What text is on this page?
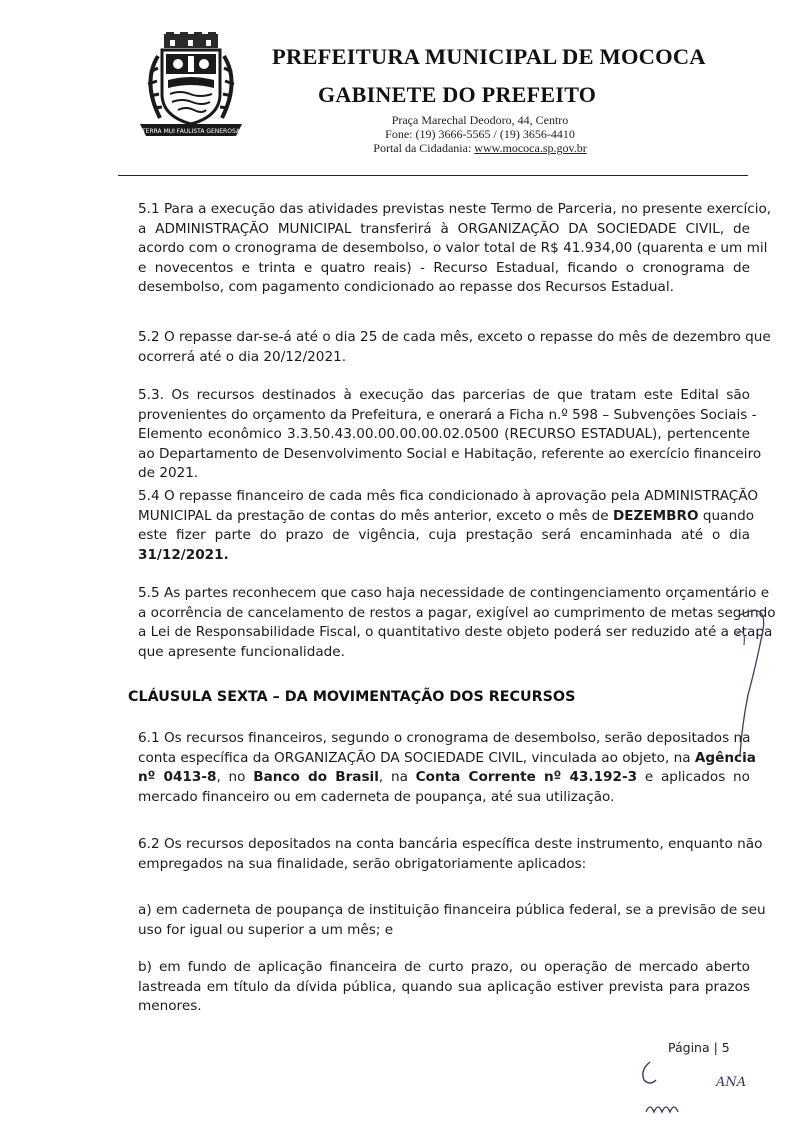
TERRA MUI FAULISTA GENEROSA
PREFEITURA MUNICIPAL DE MOCOCA
GABINETE DO PREFEITO
Praça Marechal Deodoro, 44, Centro
Fone: (19) 3666-5565 / (19) 3656-4410
Portal da Cidadania: www.mococa.sp.gov.br
5.1 Para a execução das atividades previstas neste Termo de Parceria, no presente exercício,
a ADMINISTRAÇÃO MUNICIPAL transferirá à ORGANIZAÇÃO DA SOCIEDADE CIVIL, de
acordo com o cronograma de desembolso, o valor total de R$ 41.934,00 (quarenta e um mil
e novecentos e trinta e quatro reais) - Recurso Estadual, ficando o cronograma de
desembolso, com pagamento condicionado ao repasse dos Recursos Estadual.
5.2 O repasse dar-se-á até o dia 25 de cada mês, exceto o repasse do mês de dezembro que
ocorrerá até o dia 20/12/2021.
5.3. Os recursos destinados à execução das parcerias de que tratam este Edital são
provenientes do orçamento da Prefeitura, e onerará a Ficha n.º 598 – Subvenções Sociais -
Elemento econômico 3.3.50.43.00.00.00.00.02.0500 (RECURSO ESTADUAL), pertencente
ao Departamento de Desenvolvimento Social e Habitação, referente ao exercício financeiro
de 2021.
5.4 O repasse financeiro de cada mês fica condicionado à aprovação pela ADMINISTRAÇÃO
MUNICIPAL da prestação de contas do mês anterior, exceto o mês de DEZEMBRO quando
este fizer parte do prazo de vigência, cuja prestação será encaminhada até o dia
31/12/2021.
5.5 As partes reconhecem que caso haja necessidade de contingenciamento orçamentário e
a ocorrência de cancelamento de restos a pagar, exigível ao cumprimento de metas segundo
a Lei de Responsabilidade Fiscal, o quantitativo deste objeto poderá ser reduzido até a etapa
que apresente funcionalidade.
CLÁUSULA SEXTA – DA MOVIMENTAÇÃO DOS RECURSOS
6.1 Os recursos financeiros, segundo o cronograma de desembolso, serão depositados na
conta específica da ORGANIZAÇÃO DA SOCIEDADE CIVIL, vinculada ao objeto, na Agência
nº 0413-8, no Banco do Brasil, na Conta Corrente nº 43.192-3 e aplicados no
mercado financeiro ou em caderneta de poupança, até sua utilização.
6.2 Os recursos depositados na conta bancária específica deste instrumento, enquanto não
empregados na sua finalidade, serão obrigatoriamente aplicados:
a) em caderneta de poupança de instituição financeira pública federal, se a previsão de seu
uso for igual ou superior a um mês; e
b) em fundo de aplicação financeira de curto prazo, ou operação de mercado aberto
lastreada em título da dívida pública, quando sua aplicação estiver prevista para prazos
menores.
Página | 5
ANA
